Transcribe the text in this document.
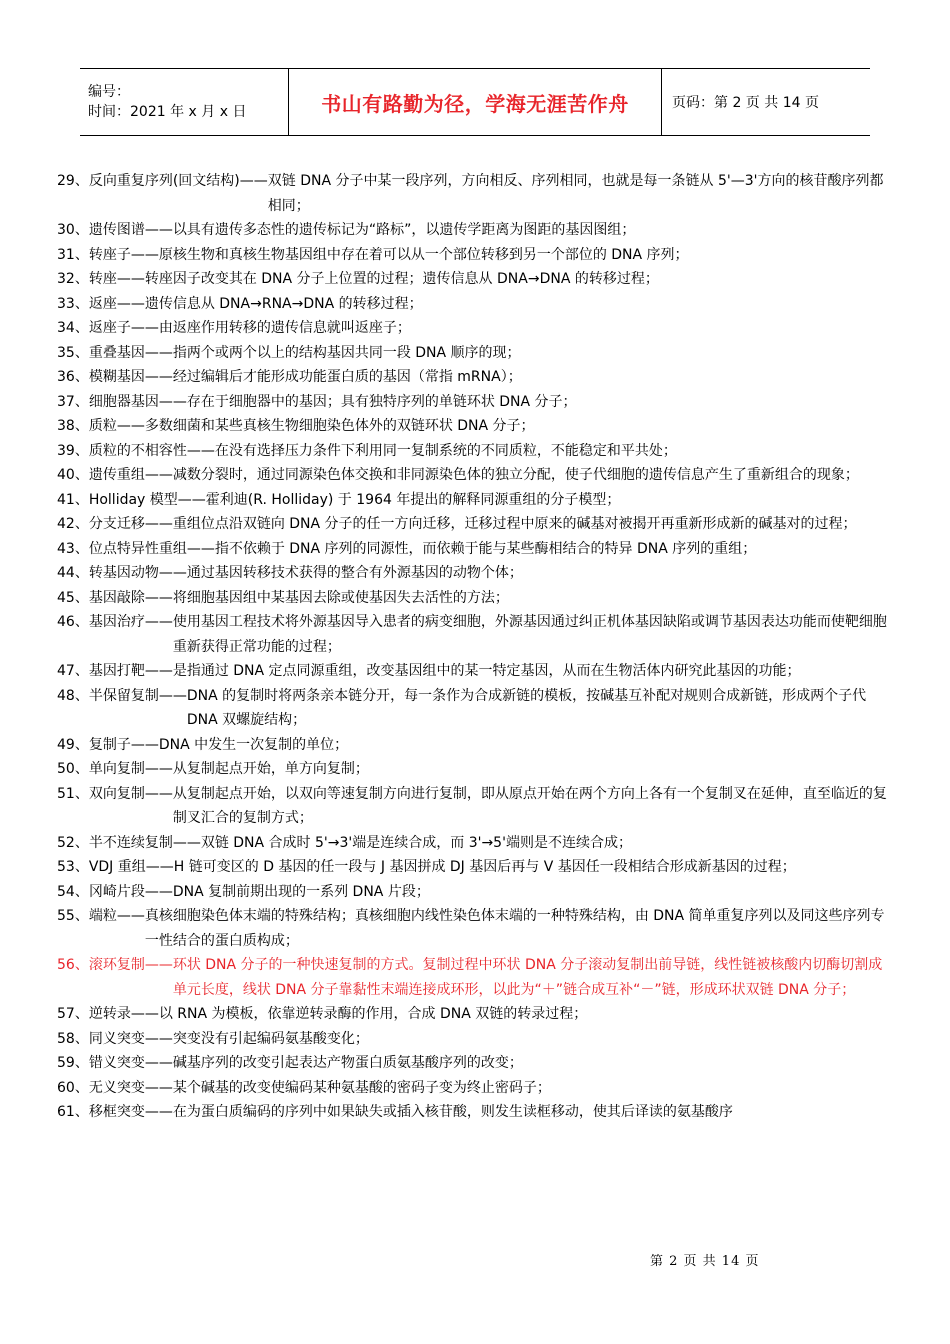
编号：
时间：2021 年 x 月 x 日	书山有路勤为径，学海无涯苦作舟	页码：第 2 页 共 14 页
29、 反向重复序列(回文结构)—— 双链 DNA 分子中某一段序列，方向相反、序列相同，也就是每一条链从 5'—3'方向的核苷酸序列都相同；
30、 遗传图谱—— 以具有遗传多态性的遗传标记为“路标”，以遗传学距离为图距的基因图组；
31、 转座子—— 原核生物和真核生物基因组中存在着可以从一个部位转移到另一个部位的 DNA 序列；
32、 转座—— 转座因子改变其在 DNA 分子上位置的过程；遗传信息从 DNA→DNA 的转移过程；
33、 返座—— 遗传信息从 DNA→RNA→DNA 的转移过程；
34、 返座子—— 由返座作用转移的遗传信息就叫返座子；
35、 重叠基因—— 指两个或两个以上的结构基因共同一段 DNA 顺序的现；
36、 模糊基因—— 经过编辑后才能形成功能蛋白质的基因（常指 mRNA）；
37、 细胞器基因—— 存在于细胞器中的基因；具有独特序列的单链环状 DNA 分子；
38、 质粒—— 多数细菌和某些真核生物细胞染色体外的双链环状 DNA 分子；
39、 质粒的不相容性—— 在没有选择压力条件下利用同一复制系统的不同质粒，不能稳定和平共处；
40、 遗传重组—— 减数分裂时，通过同源染色体交换和非同源染色体的独立分配，使子代细胞的遗传信息产生了重新组合的现象；
41、 Holliday 模型—— 霍利迪(R. Holliday) 于 1964 年提出的解释同源重组的分子模型；
42、 分支迁移—— 重组位点沿双链向 DNA 分子的任一方向迁移，迁移过程中原来的碱基对被揭开再重新形成新的碱基对的过程；
43、 位点特异性重组—— 指不依赖于 DNA 序列的同源性，而依赖于能与某些酶相结合的特异 DNA 序列的重组；
44、 转基因动物—— 通过基因转移技术获得的整合有外源基因的动物个体；
45、 基因敲除—— 将细胞基因组中某基因去除或使基因失去活性的方法；
46、 基因治疗—— 使用基因工程技术将外源基因导入患者的病变细胞，外源基因通过纠正机体基因缺陷或调节基因表达功能而使靶细胞重新获得正常功能的过程；
47、 基因打靶—— 是指通过 DNA 定点同源重组，改变基因组中的某一特定基因，从而在生物活体内研究此基因的功能；
48、 半保留复制—— DNA 的复制时将两条亲本链分开，每一条作为合成新链的模板，按碱基互补配对规则合成新链，形成两个子代 DNA 双螺旋结构；
49、 复制子—— DNA 中发生一次复制的单位；
50、 单向复制—— 从复制起点开始，单方向复制；
51、 双向复制—— 从复制起点开始，以双向等速复制方向进行复制，即从原点开始在两个方向上各有一个复制叉在延伸，直至临近的复制叉汇合的复制方式；
52、 半不连续复制—— 双链 DNA 合成时 5'→3'端是连续合成，而 3'→5'端则是不连续合成；
53、 VDJ 重组—— H 链可变区的 D 基因的任一段与 J 基因拼成 DJ 基因后再与 V 基因任一段相结合形成新基因的过程；
54、 冈崎片段—— DNA 复制前期出现的一系列 DNA 片段；
55、 端粒—— 真核细胞染色体末端的特殊结构；真核细胞内线性染色体末端的一种特殊结构，由 DNA 简单重复序列以及同这些序列专一性结合的蛋白质构成；
56、 滚环复制—— 环状 DNA 分子的一种快速复制的方式。复制过程中环状 DNA 分子滚动复制出前导链，线性链被核酸内切酶切割成单元长度，线状 DNA 分子靠黏性末端连接成环形，以此为“＋”链合成互补“－”链，形成环状双链 DNA 分子；
57、 逆转录—— 以 RNA 为模板，依靠逆转录酶的作用，合成 DNA 双链的转录过程；
58、 同义突变—— 突变没有引起编码氨基酸变化；
59、 错义突变—— 碱基序列的改变引起表达产物蛋白质氨基酸序列的改变；
60、 无义突变—— 某个碱基的改变使编码某种氨基酸的密码子变为终止密码子；
61、 移框突变—— 在为蛋白质编码的序列中如果缺失或插入核苷酸，则发生读框移动，使其后译读的氨基酸序
第 2 页 共 14 页
